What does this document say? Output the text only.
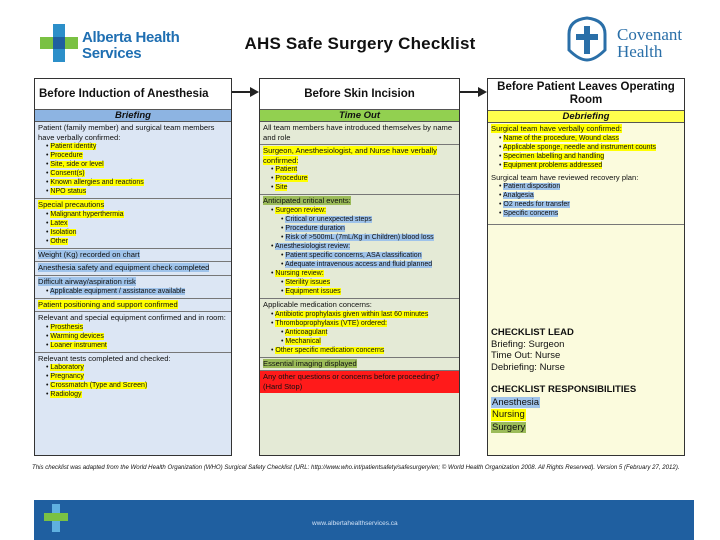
Alberta Health
Services
Covenant
Health
AHS Safe Surgery Checklist
Before Induction of Anesthesia
Briefing
Patient (family member) and surgical team members have verbally confirmed:
• Patient identity
• Procedure
• Site, side or level
• Consent(s)
• Known allergies and reactions
• NPO status
Special precautions
• Malignant hyperthermia
• Latex
• Isolation
• Other
Weight (Kg) recorded on chart
Anesthesia safety and equipment check completed
Difficult airway/aspiration risk
• Applicable equipment / assistance available
Patient positioning and support confirmed
Relevant and special equipment confirmed and in room:
• Prosthesis
• Warming devices
• Loaner instrument
Relevant tests completed and checked:
• Laboratory
• Pregnancy
• Crossmatch (Type and Screen)
• Radiology
Before Skin Incision
Time Out
All team members have introduced themselves by name and role
Surgeon, Anesthesiologist, and Nurse have verbally confirmed:
• Patient
• Procedure
• Site
Anticipated critical events:
• Surgeon review:
• Critical or unexpected steps
• Procedure duration
• Risk of >500mL (7mL/Kg in Children) blood loss
• Anesthesiologist review:
• Patient specific concerns, ASA classification
• Adequate intravenous access and fluid planned
• Nursing review:
• Sterility issues
• Equipment issues
Applicable medication concerns:
• Antibiotic prophylaxis given within last 60 minutes
• Thromboprophylaxis (VTE) ordered:
• Anticoagulant
• Mechanical
• Other specific medication concerns
Essential imaging displayed
Any other questions or concerns before proceeding? (Hard Stop)
Before Patient Leaves Operating Room
Debriefing
Surgical team have verbally confirmed:
• Name of the procedure, Wound class
• Applicable sponge, needle and instrument counts
• Specimen labelling and handling
• Equipment problems addressed
Surgical team have reviewed recovery plan:
• Patient disposition
• Analgesia
• O2 needs for transfer
• Specific concerns
CHECKLIST LEAD
Briefing: Surgeon
Time Out: Nurse
Debriefing: Nurse
CHECKLIST RESPONSIBILITIES
Anesthesia
Nursing
Surgery
This checklist was adapted from the World Health Organization (WHO) Surgical Safety Checklist (URL: http://www.who.int/patientsafety/safesurgery/en; © World Health Organization 2008. All Rights Reserved). Version 5 (February 27, 2012).
www.albertahealthservices.ca
